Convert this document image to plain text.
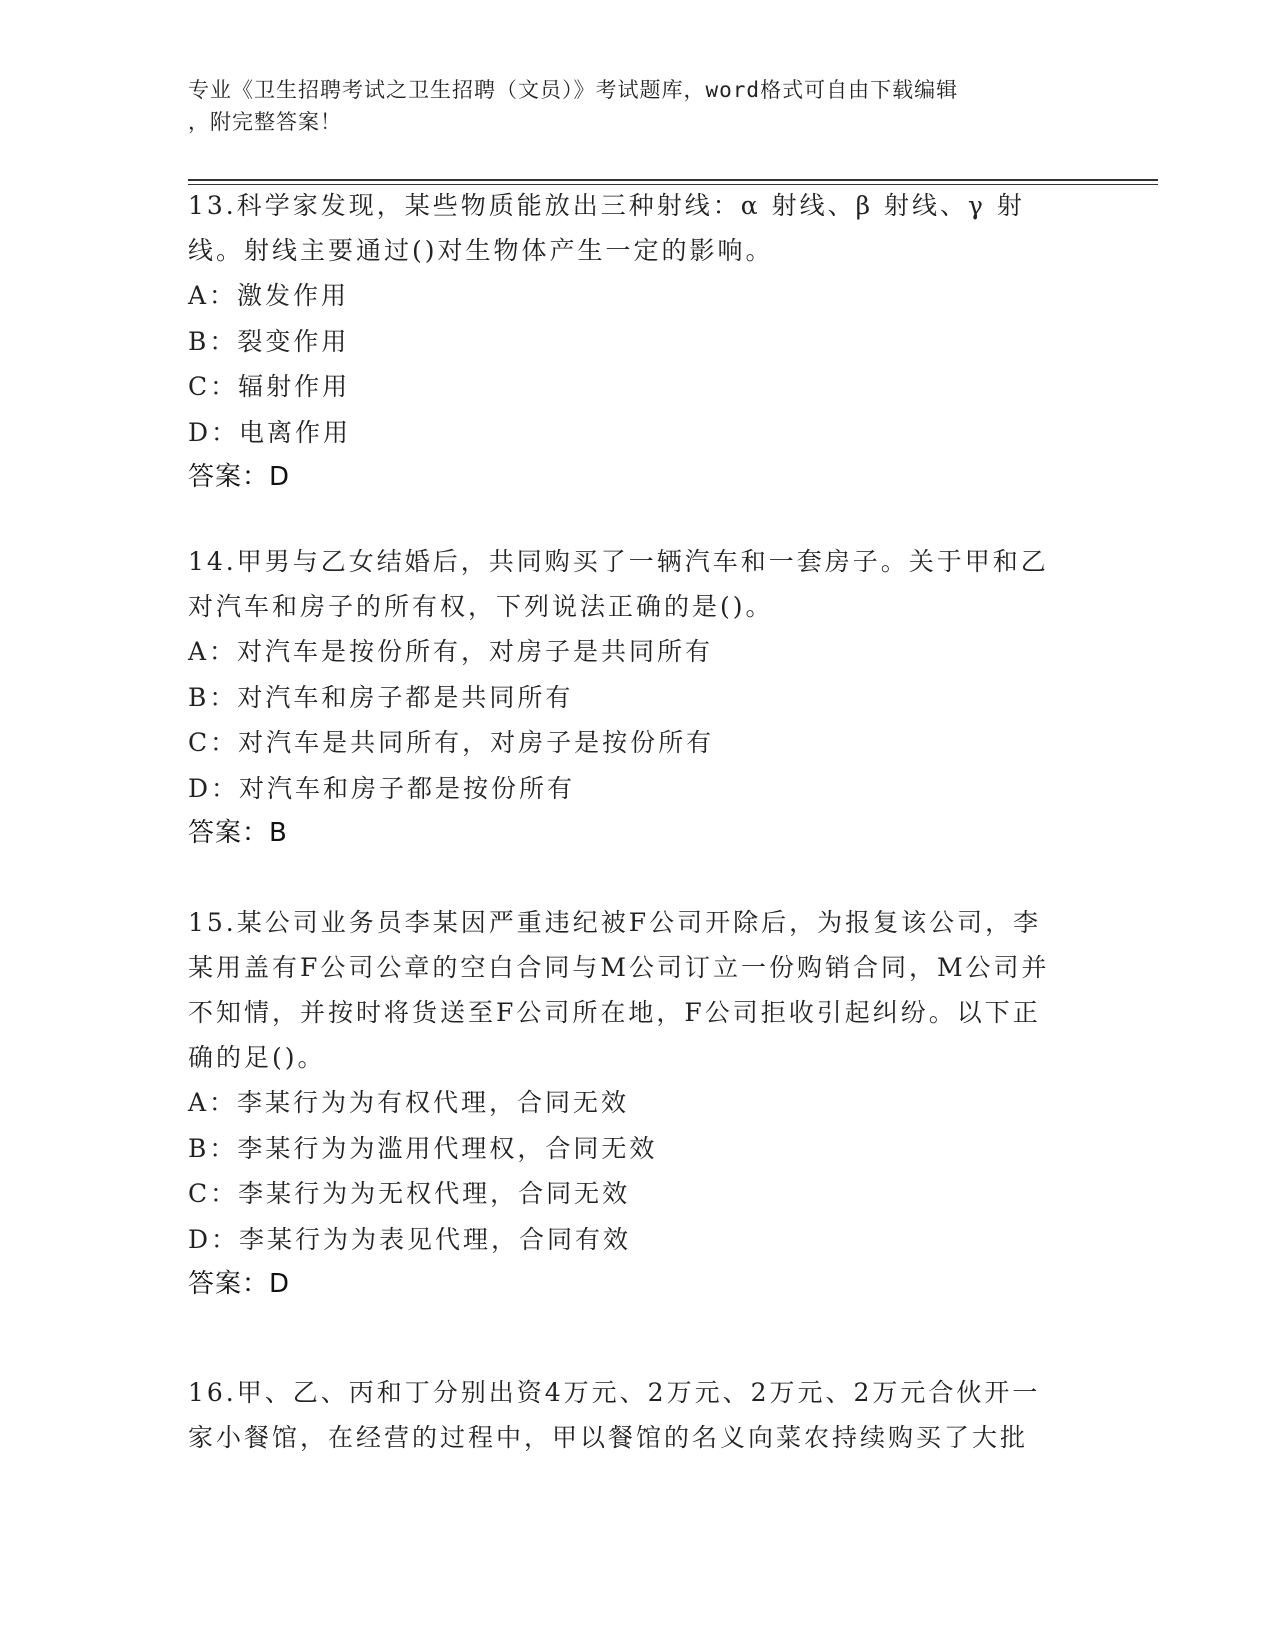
专业《卫生招聘考试之卫生招聘（文员）》考试题库，word格式可自由下载编辑
，附完整答案！

13.科学家发现，某些物质能放出三种射线：α 射线、β 射线、γ 射

线。射线主要通过()对生物体产生一定的影响。

A：激发作用

B：裂变作用

C：辐射作用

D：电离作用

答案：D

14.甲男与乙女结婚后，共同购买了一辆汽车和一套房子。关于甲和乙

对汽车和房子的所有权，下列说法正确的是()。

A：对汽车是按份所有，对房子是共同所有

B：对汽车和房子都是共同所有

C：对汽车是共同所有，对房子是按份所有

D：对汽车和房子都是按份所有

答案：B

15.某公司业务员李某因严重违纪被F公司开除后，为报复该公司，李

某用盖有F公司公章的空白合同与M公司订立一份购销合同，M公司并

不知情，并按时将货送至F公司所在地，F公司拒收引起纠纷。以下正

确的足()。

A：李某行为为有权代理，合同无效

B：李某行为为滥用代理权，合同无效

C：李某行为为无权代理，合同无效

D：李某行为为表见代理，合同有效

答案：D

16.甲、乙、丙和丁分别出资4万元、2万元、2万元、2万元合伙开一

家小餐馆，在经营的过程中，甲以餐馆的名义向菜农持续购买了大批
